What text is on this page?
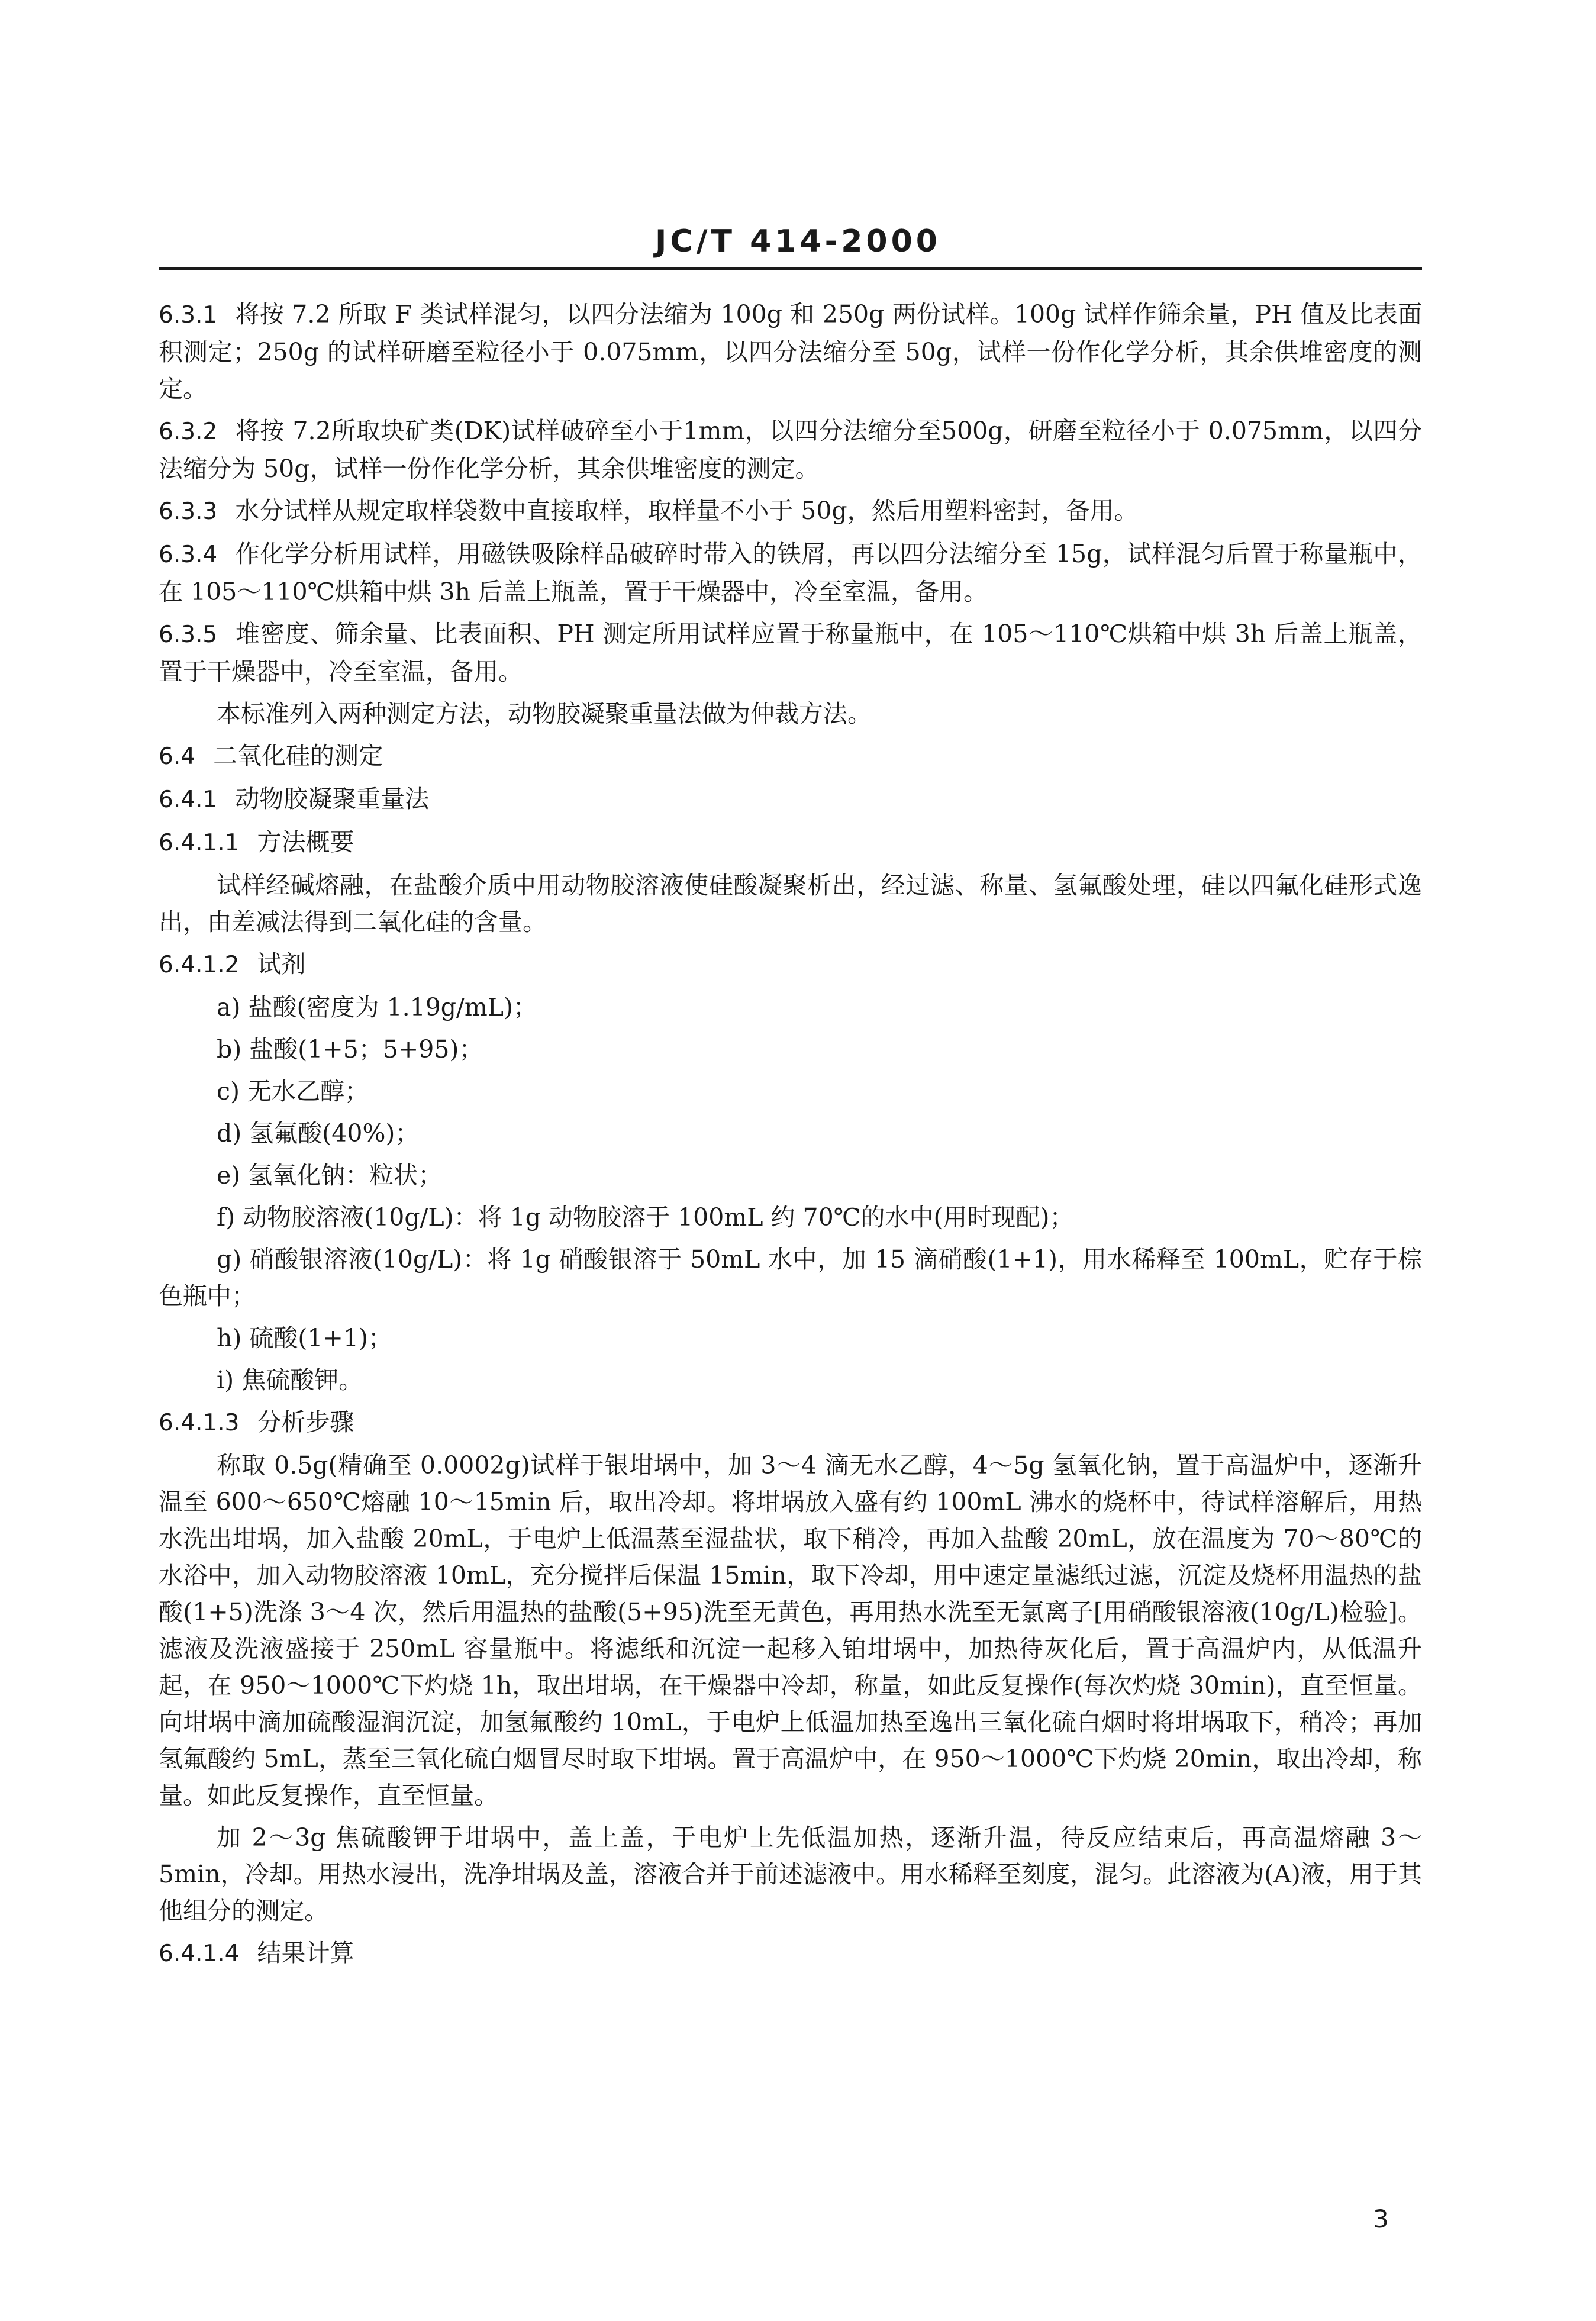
JC/T 414-2000

6.3.1 将按 7.2 所取 F 类试样混匀，以四分法缩为 100g 和 250g 两份试样。100g 试样作筛余量，PH 值及比表面积测定；250g 的试样研磨至粒径小于 0.075mm，以四分法缩分至 50g，试样一份作化学分析，其余供堆密度的测定。

6.3.2 将按 7.2所取块矿类(DK)试样破碎至小于1mm，以四分法缩分至500g，研磨至粒径小于 0.075mm，以四分法缩分为 50g，试样一份作化学分析，其余供堆密度的测定。

6.3.3 水分试样从规定取样袋数中直接取样，取样量不小于 50g，然后用塑料密封，备用。

6.3.4 作化学分析用试样，用磁铁吸除样品破碎时带入的铁屑，再以四分法缩分至 15g，试样混匀后置于称量瓶中，在 105～110℃烘箱中烘 3h 后盖上瓶盖，置于干燥器中，冷至室温，备用。

6.3.5 堆密度、筛余量、比表面积、PH 测定所用试样应置于称量瓶中，在 105～110℃烘箱中烘 3h 后盖上瓶盖，置于干燥器中，冷至室温，备用。

本标准列入两种测定方法，动物胶凝聚重量法做为仲裁方法。

6.4 二氧化硅的测定

6.4.1 动物胶凝聚重量法

6.4.1.1 方法概要

试样经碱熔融，在盐酸介质中用动物胶溶液使硅酸凝聚析出，经过滤、称量、氢氟酸处理，硅以四氟化硅形式逸出，由差减法得到二氧化硅的含量。

6.4.1.2 试剂

a) 盐酸(密度为 1.19g/mL)；

b) 盐酸(1+5；5+95)；

c) 无水乙醇；

d) 氢氟酸(40%)；

e) 氢氧化钠：粒状；

f) 动物胶溶液(10g/L)：将 1g 动物胶溶于 100mL 约 70℃的水中(用时现配)；

g) 硝酸银溶液(10g/L)：将 1g 硝酸银溶于 50mL 水中，加 15 滴硝酸(1+1)，用水稀释至 100mL，贮存于棕色瓶中；

h) 硫酸(1+1)；

i) 焦硫酸钾。

6.4.1.3 分析步骤

称取 0.5g(精确至 0.0002g)试样于银坩埚中，加 3～4 滴无水乙醇，4～5g 氢氧化钠，置于高温炉中，逐渐升温至 600～650℃熔融 10～15min 后，取出冷却。将坩埚放入盛有约 100mL 沸水的烧杯中，待试样溶解后，用热水洗出坩埚，加入盐酸 20mL，于电炉上低温蒸至湿盐状，取下稍冷，再加入盐酸 20mL，放在温度为 70～80℃的水浴中，加入动物胶溶液 10mL，充分搅拌后保温 15min，取下冷却，用中速定量滤纸过滤，沉淀及烧杯用温热的盐酸(1+5)洗涤 3～4 次，然后用温热的盐酸(5+95)洗至无黄色，再用热水洗至无氯离子[用硝酸银溶液(10g/L)检验]。滤液及洗液盛接于 250mL 容量瓶中。将滤纸和沉淀一起移入铂坩埚中，加热待灰化后，置于高温炉内，从低温升起，在 950～1000℃下灼烧 1h，取出坩埚，在干燥器中冷却，称量，如此反复操作(每次灼烧 30min)，直至恒量。向坩埚中滴加硫酸湿润沉淀，加氢氟酸约 10mL，于电炉上低温加热至逸出三氧化硫白烟时将坩埚取下，稍冷；再加氢氟酸约 5mL，蒸至三氧化硫白烟冒尽时取下坩埚。置于高温炉中，在 950～1000℃下灼烧 20min，取出冷却，称量。如此反复操作，直至恒量。

加 2～3g 焦硫酸钾于坩埚中，盖上盖，于电炉上先低温加热，逐渐升温，待反应结束后，再高温熔融 3～5min，冷却。用热水浸出，洗净坩埚及盖，溶液合并于前述滤液中。用水稀释至刻度，混匀。此溶液为(A)液，用于其他组分的测定。

6.4.1.4 结果计算

3
